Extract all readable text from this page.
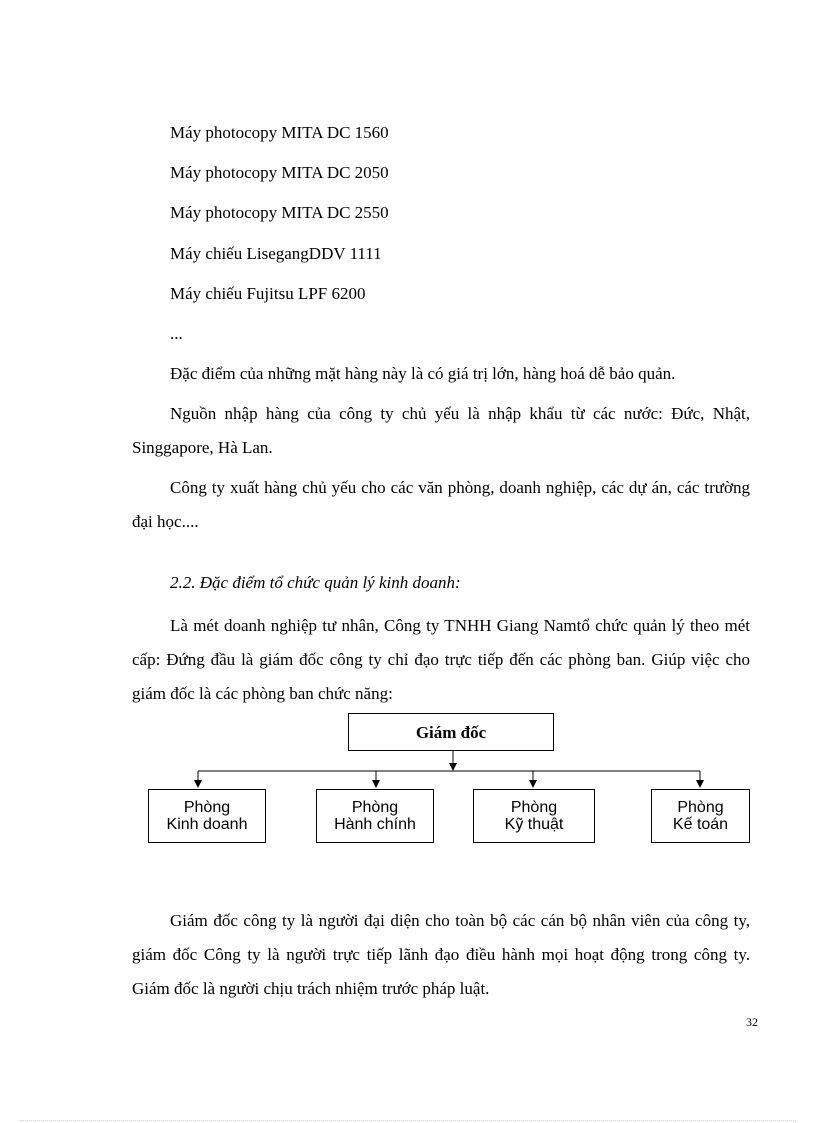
Máy photocopy MITA DC 1560
Máy photocopy MITA DC 2050
Máy photocopy MITA DC 2550
Máy chiếu LisegangDDV 1111
Máy chiếu Fujitsu LPF 6200
...
Đặc điểm của những mặt hàng này là có giá trị lớn, hàng hoá dễ bảo quản.
Nguồn nhập hàng của công ty chủ yếu là nhập khẩu từ các nước: Đức, Nhật, Singgapore, Hà Lan.
Công ty xuất hàng chủ yếu cho các văn phòng, doanh nghiệp, các dự án, các trường đại học....
2.2. Đặc điểm tổ chức quản lý kinh doanh:
Là mét doanh nghiệp tư nhân, Công ty TNHH Giang Namtổ chức quản lý theo mét cấp: Đứng đầu là giám đốc công ty chỉ đạo trực tiếp đến các phòng ban. Giúp việc cho giám đốc là các phòng ban chức năng:
Giám đốc
Phòng
Kinh doanh
Phòng
Hành chính
Phòng
Kỹ thuật
Phòng
Kế toán
Giám đốc công ty là người đại diện cho toàn bộ các cán bộ nhân viên của công ty, giám đốc Công ty là người trực tiếp lãnh đạo điều hành mọi hoạt động trong công ty. Giám đốc là người chịu trách nhiệm trước pháp luật.
32
